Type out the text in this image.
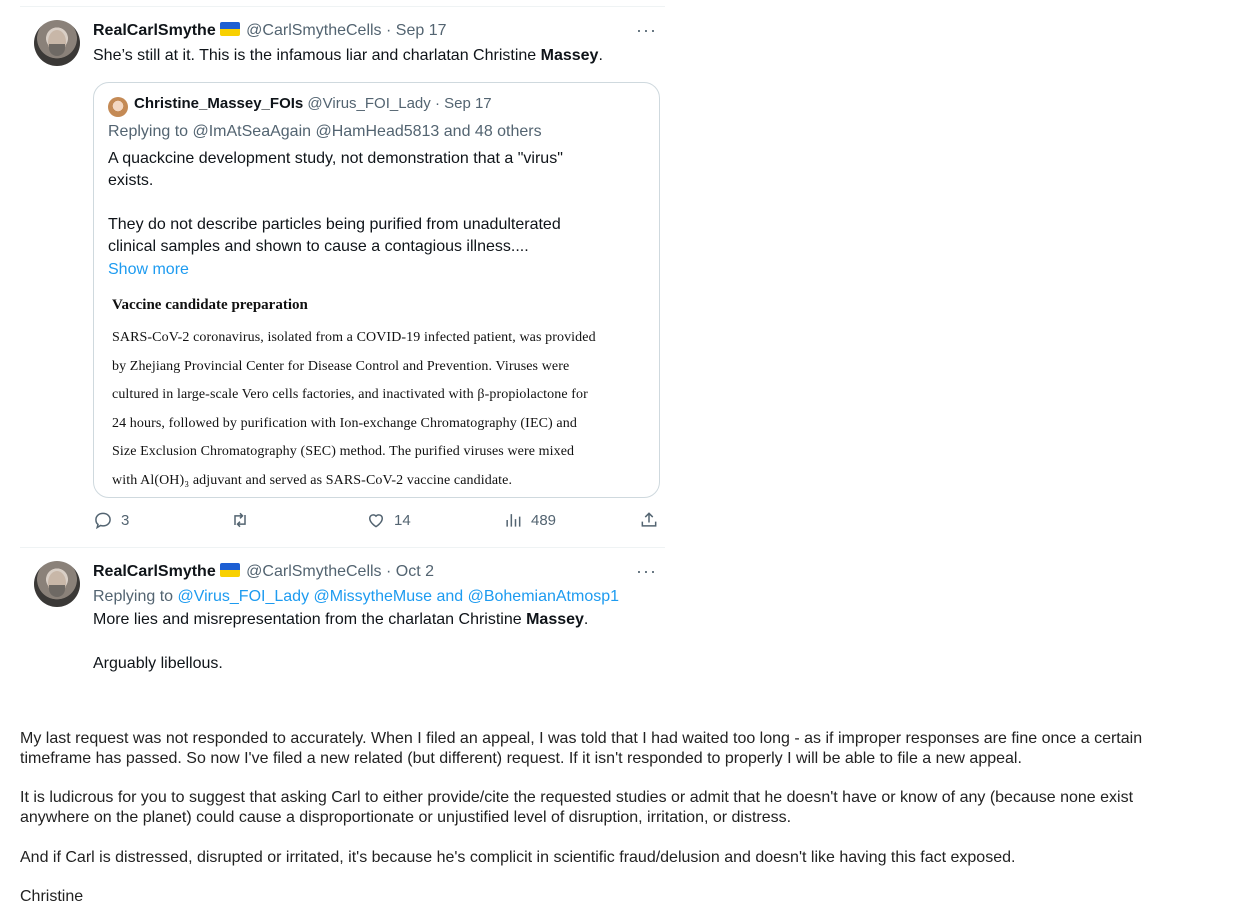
RealCarlSmythe @CarlSmytheCells · Sep 17	···
She’s still at it. This is the infamous liar and charlatan Christine Massey.
Christine_Massey_FOIs @Virus_FOI_Lady · Sep 17
Replying to @ImAtSeaAgain @HamHead5813 and 48 others
A quackcine development study, not demonstration that a "virus"
exists.
They do not describe particles being purified from unadulterated
clinical samples and shown to cause a contagious illness....
Show more
Vaccine candidate preparation
SARS-CoV-2 coronavirus, isolated from a COVID-19 infected patient, was provided
by Zhejiang Provincial Center for Disease Control and Prevention. Viruses were
cultured in large-scale Vero cells factories, and inactivated with β-propiolactone for
24 hours, followed by purification with Ion-exchange Chromatography (IEC) and
Size Exclusion Chromatography (SEC) method. The purified viruses were mixed
with Al(OH)₃ adjuvant and served as SARS-CoV-2 vaccine candidate.
3	14	489
RealCarlSmythe @CarlSmytheCells · Oct 2	···
Replying to @Virus_FOI_Lady @MissytheMuse and @BohemianAtmosp1
More lies and misrepresentation from the charlatan Christine Massey.
Arguably libellous.
My last request was not responded to accurately. When I filed an appeal, I was told that I had waited too long - as if improper responses are fine once a certain
timeframe has passed. So now I've filed a new related (but different) request. If it isn't responded to properly I will be able to file a new appeal.
It is ludicrous for you to suggest that asking Carl to either provide/cite the requested studies or admit that he doesn't have or know of any (because none exist
anywhere on the planet) could cause a disproportionate or unjustified level of disruption, irritation, or distress.
And if Carl is distressed, disrupted or irritated, it's because he's complicit in scientific fraud/delusion and doesn't like having this fact exposed.
Christine
